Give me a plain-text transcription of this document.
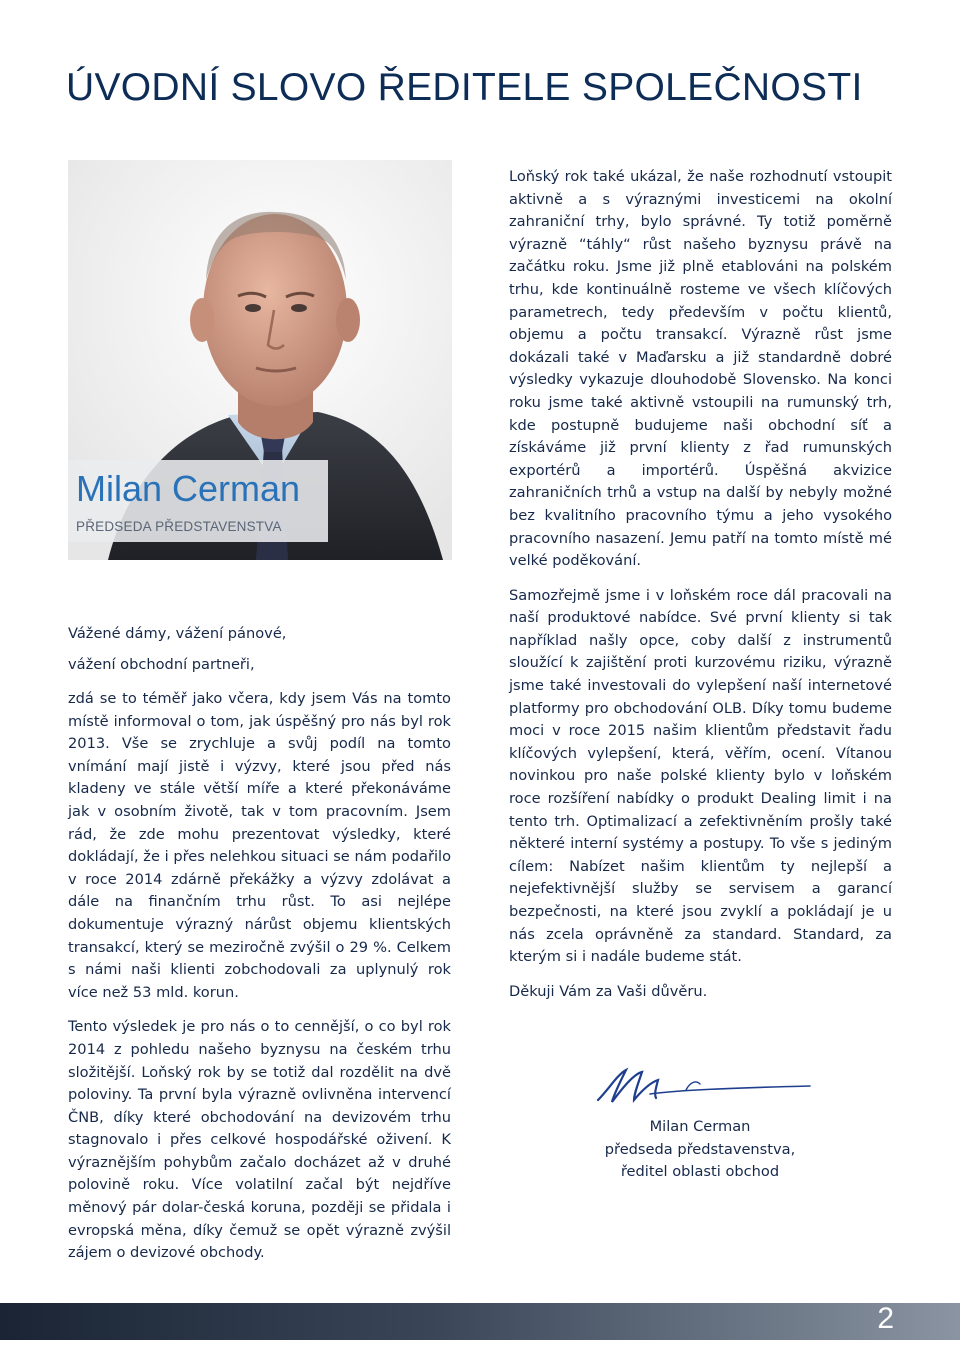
ÚVODNÍ SLOVO ŘEDITELE SPOLEČNOSTI
Milan Cerman
PŘEDSEDA PŘEDSTAVENSTVA

Vážené dámy, vážení pánové,

vážení obchodní partneři,

zdá se to téměř jako včera, kdy jsem Vás na tomto místě informoval o tom, jak úspěšný pro nás byl rok 2013. Vše se zrychluje a svůj podíl na tomto vnímání mají jistě i výzvy, které jsou před nás kladeny ve stále větší míře a které překonáváme jak v osobním životě, tak v tom pracovním. Jsem rád, že zde mohu prezentovat výsledky, které dokládají, že i přes nelehkou situaci se nám podařilo v roce 2014 zdárně překážky a výzvy zdolávat a dále na finančním trhu růst. To asi nejlépe dokumentuje výrazný nárůst objemu klientských transakcí, který se meziročně zvýšil o 29 %. Celkem s námi naši klienti zobchodovali za uplynulý rok více než 53 mld. korun.

Tento výsledek je pro nás o to cennější, o co byl rok 2014 z pohledu našeho byznysu na českém trhu složitější. Loňský rok by se totiž dal rozdělit na dvě poloviny. Ta první byla výrazně ovlivněna intervencí ČNB, díky které obchodování na devizovém trhu stagnovalo i přes celkové hospodářské oživení. K výraznějším pohybům začalo docházet až v druhé polovině roku. Více volatilní začal být nejdříve měnový pár dolar-česká koruna, později se přidala i evropská měna, díky čemuž se opět výrazně zvýšil zájem o devizové obchody.

Loňský rok také ukázal, že naše rozhodnutí vstoupit aktivně a s výraznými investicemi na okolní zahraniční trhy, bylo správné. Ty totiž poměrně výrazně “táhly“ růst našeho byznysu právě na začátku roku. Jsme již plně etablováni na polském trhu, kde kontinuálně rosteme ve všech klíčových parametrech, tedy především v počtu klientů, objemu a počtu transakcí. Výrazně růst jsme dokázali také v Maďarsku a již standardně dobré výsledky vykazuje dlouhodobě Slovensko. Na konci roku jsme také aktivně vstoupili na rumunský trh, kde postupně budujeme naši obchodní síť a získáváme již první klienty z řad rumunských exportérů a importérů. Úspěšná akvizice zahraničních trhů a vstup na další by nebyly možné bez kvalitního pracovního týmu a jeho vysokého pracovního nasazení. Jemu patří na tomto místě mé velké poděkování.

Samozřejmě jsme i v loňském roce dál pracovali na naší produktové nabídce. Své první klienty si tak například našly opce, coby další z instrumentů sloužící k zajištění proti kurzovému riziku, výrazně jsme také investovali do vylepšení naší internetové platformy pro obchodování OLB. Díky tomu budeme moci v roce 2015 našim klientům představit řadu klíčových vylepšení, která, věřím, ocení. Vítanou novinkou pro naše polské klienty bylo v loňském roce rozšíření nabídky o produkt Dealing limit i na tento trh. Optimalizací a zefektivněním prošly také některé interní systémy a postupy. To vše s jediným cílem: Nabízet našim klientům ty nejlepší a nejefektivnější služby se servisem a garancí bezpečnosti, na které jsou zvyklí a pokládají je u nás zcela oprávněně za standard. Standard, za kterým si i nadále budeme stát.

Děkuji Vám za Vaši důvěru.

Milan Cerman
předseda představenstva,
ředitel oblasti obchod
2
